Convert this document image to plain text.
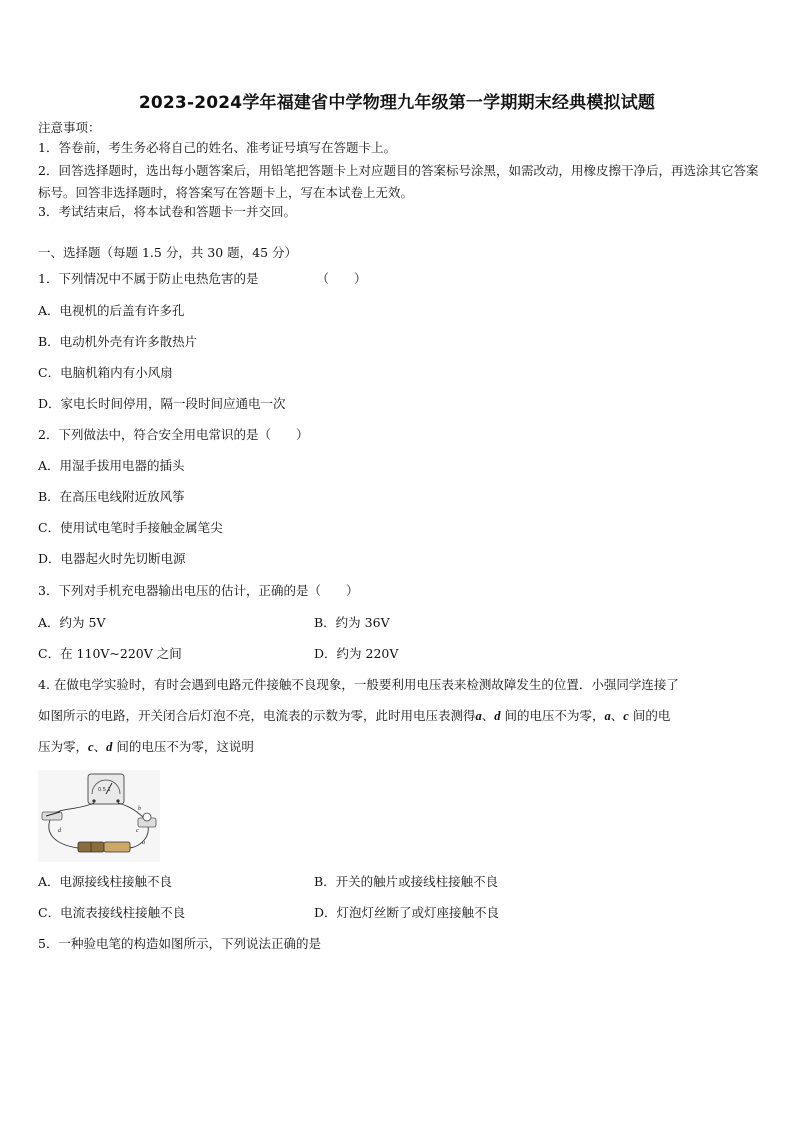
2023-2024学年福建省中学物理九年级第一学期期末经典模拟试题
注意事项：
1．答卷前，考生务必将自己的姓名、准考证号填写在答题卡上。
2．回答选择题时，选出每小题答案后，用铅笔把答题卡上对应题目的答案标号涂黑，如需改动，用橡皮擦干净后，再选涂其它答案标号。回答非选择题时，将答案写在答题卡上，写在本试卷上无效。
3．考试结束后，将本试卷和答题卡一并交回。
一、选择题（每题 1.5 分，共 30 题，45 分）
1．下列情况中不属于防止电热危害的是	（　　）
A．电视机的后盖有许多孔
B．电动机外壳有许多散热片
C．电脑机箱内有小风扇
D．家电长时间停用，隔一段时间应通电一次
2．下列做法中，符合安全用电常识的是（　　）
A．用湿手拔用电器的插头
B．在高压电线附近放风筝
C．使用试电笔时手接触金属笔尖
D．电器起火时先切断电源
3．下列对手机充电器输出电压的估计，正确的是（　　）
A．约为 5V	B．约为 36V
C．在 110V~220V 之间	D．约为 220V
4. 在做电学实验时，有时会遇到电路元件接触不良现象，一般要利用电压表来检测故障发生的位置．小强同学连接了
如图所示的电路，开关闭合后灯泡不亮，电流表的示数为零，此时用电压表测得a、d 间的电压不为零，a、c 间的电
压为零，c、d 间的电压不为零，这说明
0.5 1
b
c
d
a
A．电源接线柱接触不良	B．开关的触片或接线柱接触不良
C．电流表接线柱接触不良	D．灯泡灯丝断了或灯座接触不良
5．一种验电笔的构造如图所示，下列说法正确的是
